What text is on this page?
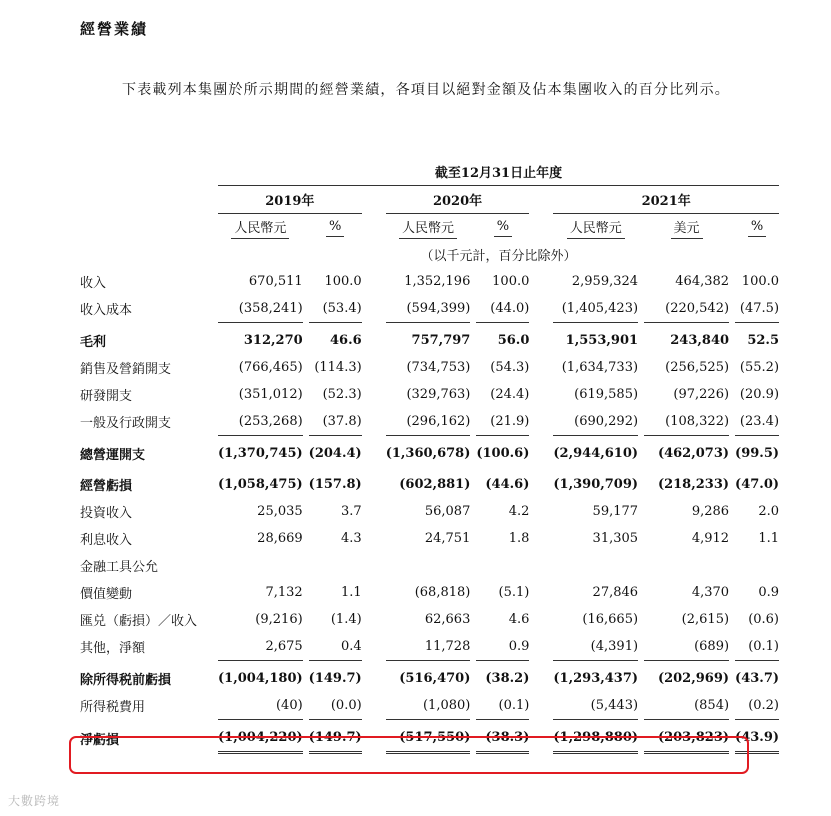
經營業績

下表載列本集團於所示期間的經營業績，各項目以絕對金額及佔本集團收入的百分比列示。

	截至12月31日止年度												
	2019年				2020年				2021年				
	人民幣元		%		人民幣元		%		人民幣元		美元		%
	（以千元計，百分比除外）												
收入	670,511		100.0		1,352,196		100.0		2,959,324		464,382		100.0
收入成本	(358,241)		(53.4)		(594,399)		(44.0)		(1,405,423)		(220,542)		(47.5)
毛利	312,270		46.6		757,797		56.0		1,553,901		243,840		52.5
銷售及營銷開支	(766,465)		(114.3)		(734,753)		(54.3)		(1,634,733)		(256,525)		(55.2)
研發開支	(351,012)		(52.3)		(329,763)		(24.4)		(619,585)		(97,226)		(20.9)
一般及行政開支	(253,268)		(37.8)		(296,162)		(21.9)		(690,292)		(108,322)		(23.4)
總營運開支	(1,370,745)		(204.4)		(1,360,678)		(100.6)		(2,944,610)		(462,073)		(99.5)
經營虧損	(1,058,475)		(157.8)		(602,881)		(44.6)		(1,390,709)		(218,233)		(47.0)
投資收入	25,035		3.7		56,087		4.2		59,177		9,286		2.0
利息收入	28,669		4.3		24,751		1.8		31,305		4,912		1.1
金融工具公允													
價值變動	7,132		1.1		(68,818)		(5.1)		27,846		4,370		0.9
匯兑（虧損）／收入	(9,216)		(1.4)		62,663		4.6		(16,665)		(2,615)		(0.6)
其他，淨額	2,675		0.4		11,728		0.9		(4,391)		(689)		(0.1)
除所得税前虧損	(1,004,180)		(149.7)		(516,470)		(38.2)		(1,293,437)		(202,969)		(43.7)
所得税費用	(40)		(0.0)		(1,080)		(0.1)		(5,443)		(854)		(0.2)
淨虧損	(1,004,220)		(149.7)		(517,550)		(38.3)		(1,298,880)		(203,823)		(43.9)
大數跨境
